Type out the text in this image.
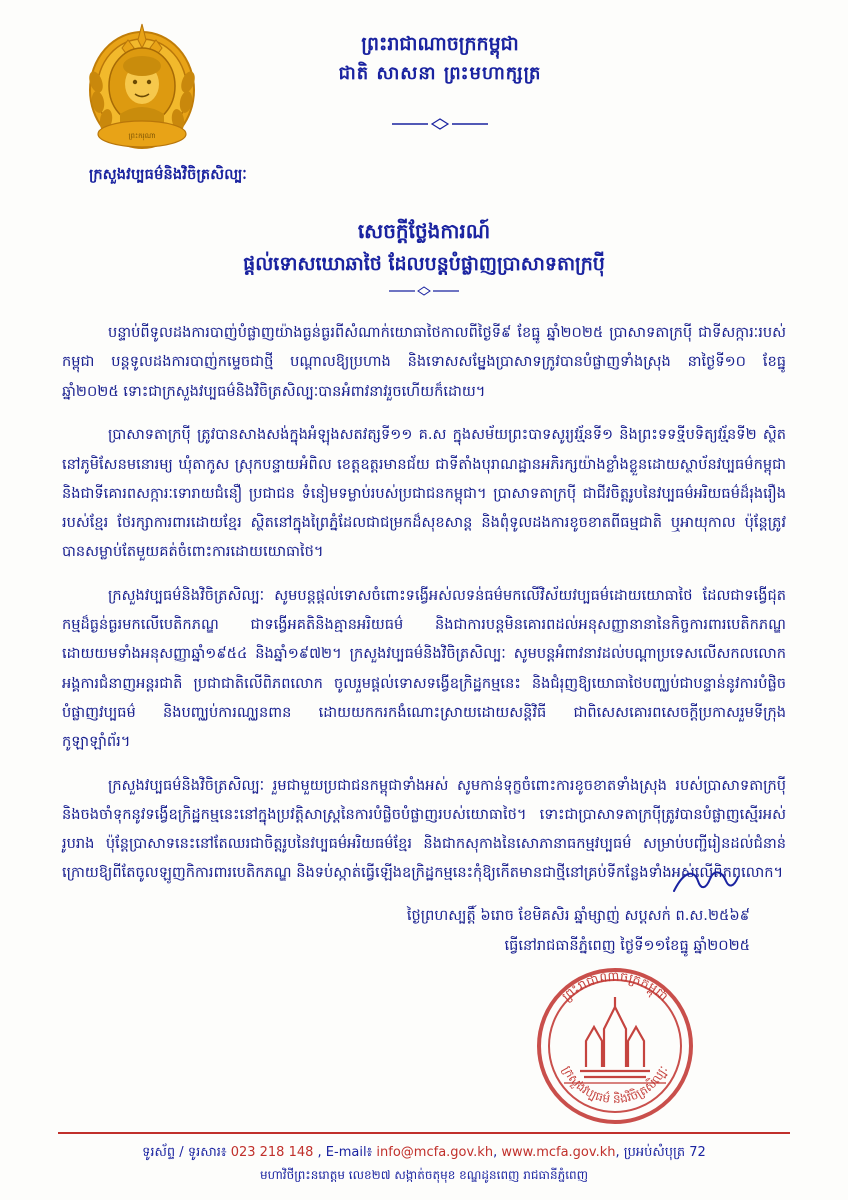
ព្រះករុណា
ក្រសួងវប្បធម៌និងវិចិត្រសិល្បៈ
ព្រះរាជាណាចក្រកម្ពុជា
ជាតិ សាសនា ព្រះមហាក្សត្រ
សេចក្តីថ្លែងការណ៍
ផ្តល់ទោសឃោឆាថៃ ដែលបន្តបំផ្លាញប្រាសាទតាក្រប៉ី

បន្ទាប់ពីទូលដងការបាញ់បំផ្លាញយ៉ាងធ្ងន់ធ្ងរពីសំណាក់យោធាថៃកាលពីថ្ងៃទី៩ ខែធ្នូ ឆ្នាំ២០២៥ ប្រាសាទតាក្រប៉ី ជាទីសក្ការៈរបស់កម្ពុជា បន្តទូលដងការបាញ់កម្ទេចជាថ្មី បណ្តាលឱ្យប្រហាង និងទោសសម្ផ្នែងប្រាសាទក្រូវបានបំផ្លាញទាំងស្រុង នាថ្ងៃទី១០ ខែធ្នូ ឆ្នាំ២០២៥ ទោះជាក្រសួងវប្បធម៌និងវិចិត្រសិល្បៈបានអំពាវនាវរួចហើយក៏ដោយ។

ប្រាសាទតាក្រប៉ី ត្រូវបានសាងសង់ក្នុងអំឡុងសតវត្សទី១១ គ.ស ក្នុងសម័យព្រះបាទសូរ្យវរ្ម័នទី១ និងព្រះទទទ្មីបទិត្យវរ្ម័នទី២ ស្ថិតនៅភូមិសែនមនោរម្យ ឃុំតាកូស ស្រុកបន្ទាយអំពិល ខេត្តឧត្តរមានជ័យ ជាទីតាំងបុរាណដ្ឋានអភិរក្សយ៉ាងខ្លាំងខ្លួនដោយស្ថាប័នវប្បធម៌កម្ពុជា និងជាទីគោរពសក្ការៈទោរាយជំនឿ ប្រជាជន ទំនៀមទម្លាប់របស់ប្រជាជនកម្ពុជា។ ប្រាសាទតាក្រប៉ី ជាជីវចិត្តរូបនៃវប្បធម៌អរិយធម៌ដ៏រុងរឿងរបស់ខ្មែរ ថែរក្សាការពារដោយខ្មែរ ស្ថិតនៅក្នុងព្រៃភ្នំដែលជាជម្រកដ៏សុខសាន្ត និងពុំទូលដងការខូចខាតពីធម្មជាតិ ឬអាយុកាល ប៉ុន្តែត្រូវបានសម្លាប់តែមួយគត់ចំពោះការដោយយោធាថៃ។

ក្រសួងវប្បធម៌និងវិចិត្រសិល្បៈ សូមបន្តផ្តល់ទោសចំពោះទង្វើអស់លទន់ធម៌មកលើវិស័យវប្បធម៌ដោយយោធាថៃ ដែលជាទង្វើជុតកម្មដ៏ធ្ងន់ធ្ងរមកលើបេតិកភណ្ឌ ជាទង្វើអគតិនិងគ្មានអរិយធម៌ និងជាការបន្តមិនគោរពដល់អនុសញ្ញានានានៃកិច្ចការពារបេតិកភណ្ឌ ដោយយមទាំងអនុសញ្ញាឆ្នាំ១៩៥៤ និងឆ្នាំ១៩៧២។ ក្រសួងវប្បធម៌និងវិចិត្រសិល្បៈ សូមបន្តអំពាវនាវដល់បណ្តាប្រទេសលើសកលលោក អង្គការជំនាញអន្តរជាតិ ប្រជាជាតិលើពិភពលោក ចូលរួមផ្តល់ទោសទង្វើឧក្រិដ្ឋកម្មនេះ និងជំរុញឱ្យយោធាថៃបញ្ឈប់ជាបន្ទាន់នូវការបំផ្លិចបំផ្លាញវប្បធម៌ និងបញ្ឈប់ការណ្ឈនពាន ដោយយកករកងំណោះស្រាយដោយសន្តិវិធី ជាពិសេសគោរពសេចក្តីប្រកាសរួមទីក្រុងកូឡាឡាំព័រ។

ក្រសួងវប្បធម៌និងវិចិត្រសិល្បៈ រួមជាមួយប្រជាជនកម្ពុជាទាំងអស់ សូមកាន់ទុក្ខចំពោះការខូចខាតទាំងស្រុង របស់ប្រាសាទតាក្រប៉ី និងចងចាំទុកនូវទង្វើឧក្រិដ្ឋកម្មនេះនៅក្នុងប្រវត្តិសាស្ត្រនៃការបំផ្លិចបំផ្លាញរបស់យោធាថៃ។ ទោះជាប្រាសាទតាក្រប៉ីត្រូវបានបំផ្លាញស្មើរអស់រូបរាង ប៉ុន្តែប្រាសាទនេះនៅតែឈរជាចិត្តរូបនៃវប្បធម៌អរិយធម៌ខ្មែរ និងជាកសុកាងនៃសោភានាធកម្មវប្បធម៌ សម្រាប់បញ្ជីរៀនដល់ជំនាន់ក្រោយឱ្យពីតែចូលឡូញកិការពារបេតិកភណ្ឌ និងទប់ស្កាត់ធ្វើឡើងឧក្រិដ្ឋកម្មនេះកុំឱ្យកើតមានជាថ្មីនៅគ្រប់ទីកន្លែងទាំងអស់លើពិភពលោក។

ថ្ងៃព្រហស្បត្តិ៍ ៦រោច ខែមិគសិរ ឆ្នាំម្សាញ់ សប្តសក់ ព.ស.២៥៦៩
ធ្វើនៅរាជធានីភ្នំពេញ ថ្ងៃទី១១ខែធ្នូ ឆ្នាំ២០២៥
ព្រះរាជាណាចក្រកម្ពុជា
ក្រសួងវប្បធម៌ និងវិចិត្រសិល្បៈ
ទូរស័ព្ទ / ទូរសារ៖ 023 218 148 , E-mail៖ info@mcfa.gov.kh, www.mcfa.gov.kh, ប្រអប់សំបុត្រ 72
មហាវិថីព្រះនរោត្តម លេខ២៧ សង្កាត់ចតុមុខ ខណ្ឌដូនពេញ រាជធានីភ្នំពេញ
